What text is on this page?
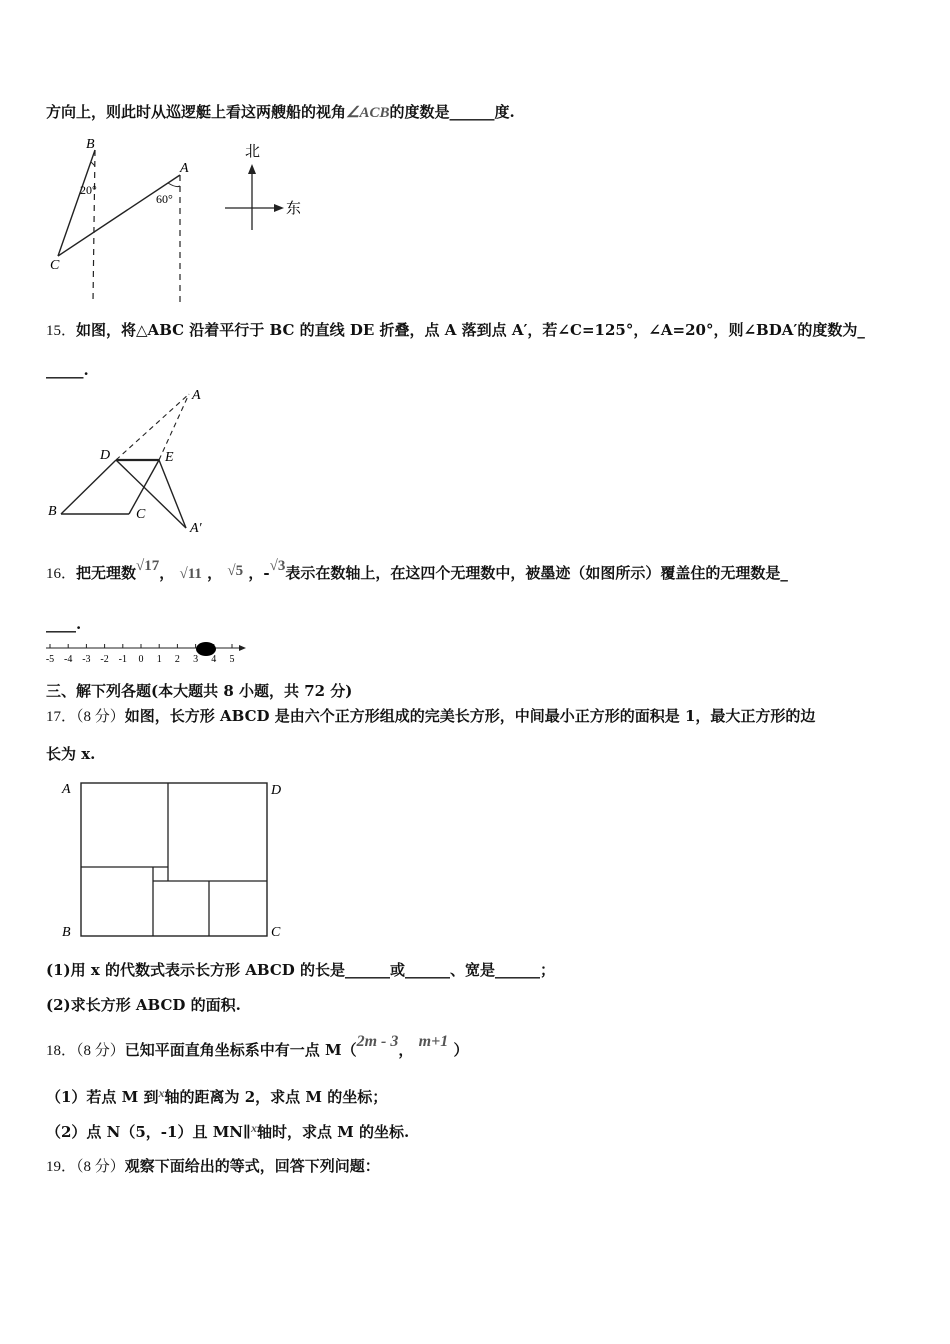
方向上，则此时从巡逻艇上看这两艘船的视角∠ACB的度数是______度.
B
A
C
20°
60°
北
东
15．如图，将△ABC 沿着平行于 BC 的直线 DE 折叠，点 A 落到点 A′，若∠C=125°，∠A=20°，则∠BDA′的度数为_
_____.
A
D	E
B	C
A′
16．把无理数√17， √11 ， √5 ，-√3表示在数轴上，在这四个无理数中，被墨迹（如图所示）覆盖住的无理数是_
____.
-5 -4 -3 -2 -1 0 1 2 3 4 5
三、解下列各题(本大题共 8 小题，共 72 分)
17．（8 分）如图，长方形 ABCD 是由六个正方形组成的完美长方形，中间最小正方形的面积是 1，最大正方形的边
长为 x.
A	D
B	C
(1)用 x 的代数式表示长方形 ABCD 的长是______或______、宽是______；
(2)求长方形 ABCD 的面积.
18．（8 分）已知平面直角坐标系中有一点 M（2m - 3， m+1 ）
（1）若点 M 到$^x$轴的距离为 2，求点 M 的坐标；
（2）点 N（5，-1）且 MN∥$^x$轴时，求点 M 的坐标.
19．（8 分）观察下面给出的等式，回答下列问题：
